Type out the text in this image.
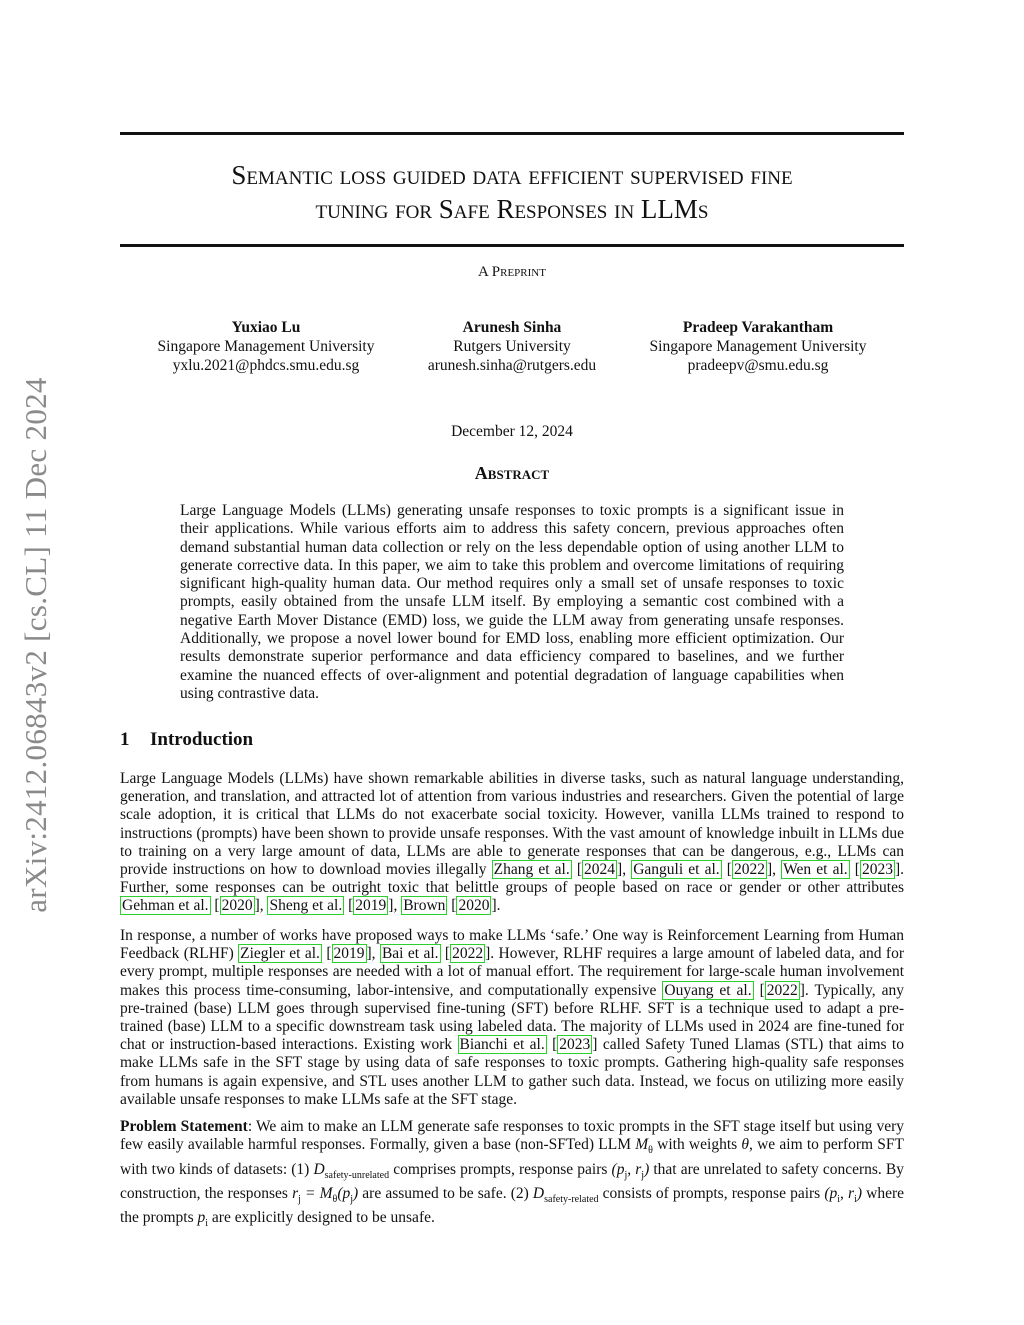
arXiv:2412.06843v2 [cs.CL] 11 Dec 2024
Semantic loss guided data efficient supervised fine
tuning for Safe Responses in LLMs
A Preprint
Yuxiao Lu
Singapore Management University
yxlu.2021@phdcs.smu.edu.sg
Arunesh Sinha
Rutgers University
arunesh.sinha@rutgers.edu
Pradeep Varakantham
Singapore Management University
pradeepv@smu.edu.sg
December 12, 2024
Abstract
Large Language Models (LLMs) generating unsafe responses to toxic prompts is a significant issue in their applications. While various efforts aim to address this safety concern, previous approaches often demand substantial human data collection or rely on the less dependable option of using another LLM to generate corrective data. In this paper, we aim to take this problem and overcome limitations of requiring significant high-quality human data. Our method requires only a small set of unsafe responses to toxic prompts, easily obtained from the unsafe LLM itself. By employing a semantic cost combined with a negative Earth Mover Distance (EMD) loss, we guide the LLM away from generating unsafe responses. Additionally, we propose a novel lower bound for EMD loss, enabling more efficient optimization. Our results demonstrate superior performance and data efficiency compared to baselines, and we further examine the nuanced effects of over-alignment and potential degradation of language capabilities when using contrastive data.
1 Introduction
Large Language Models (LLMs) have shown remarkable abilities in diverse tasks, such as natural language understanding, generation, and translation, and attracted lot of attention from various industries and researchers. Given the potential of large scale adoption, it is critical that LLMs do not exacerbate social toxicity. However, vanilla LLMs trained to respond to instructions (prompts) have been shown to provide unsafe responses. With the vast amount of knowledge inbuilt in LLMs due to training on a very large amount of data, LLMs are able to generate responses that can be dangerous, e.g., LLMs can provide instructions on how to download movies illegally Zhang et al. [ 2024 ], Ganguli et al. [ 2022 ], Wen et al. [ 2023 ]. Further, some responses can be outright toxic that belittle groups of people based on race or gender or other attributes Gehman et al. [ 2020 ], Sheng et al. [ 2019 ], Brown [ 2020 ].
In response, a number of works have proposed ways to make LLMs ‘safe.’ One way is Reinforcement Learning from Human Feedback (RLHF) Ziegler et al. [ 2019 ], Bai et al. [ 2022 ]. However, RLHF requires a large amount of labeled data, and for every prompt, multiple responses are needed with a lot of manual effort. The requirement for large-scale human involvement makes this process time-consuming, labor-intensive, and computationally expensive Ouyang et al. [ 2022 ]. Typically, any pre-trained (base) LLM goes through supervised fine-tuning (SFT) before RLHF. SFT is a technique used to adapt a pre-trained (base) LLM to a specific downstream task using labeled data. The majority of LLMs used in 2024 are fine-tuned for chat or instruction-based interactions. Existing work Bianchi et al. [ 2023 ] called Safety Tuned Llamas (STL) that aims to make LLMs safe in the SFT stage by using data of safe responses to toxic prompts. Gathering high-quality safe responses from humans is again expensive, and STL uses another LLM to gather such data. Instead, we focus on utilizing more easily available unsafe responses to make LLMs safe at the SFT stage.
Problem Statement: We aim to make an LLM generate safe responses to toxic prompts in the SFT stage itself but using very few easily available harmful responses. Formally, given a base (non-SFTed) LLM $M_\theta$ with weights θ, we aim to perform SFT with two kinds of datasets: (1) $D_{safety-unrelated}$ comprises prompts, response pairs ($p_j$, $r_j$) that are unrelated to safety concerns. By construction, the responses $r_j = M_\theta(p_j)$ are assumed to be safe. (2) $D_{safety-related}$ consists of prompts, response pairs ($p_i$, $r_i$) where the prompts $p_i$ are explicitly designed to be unsafe.
